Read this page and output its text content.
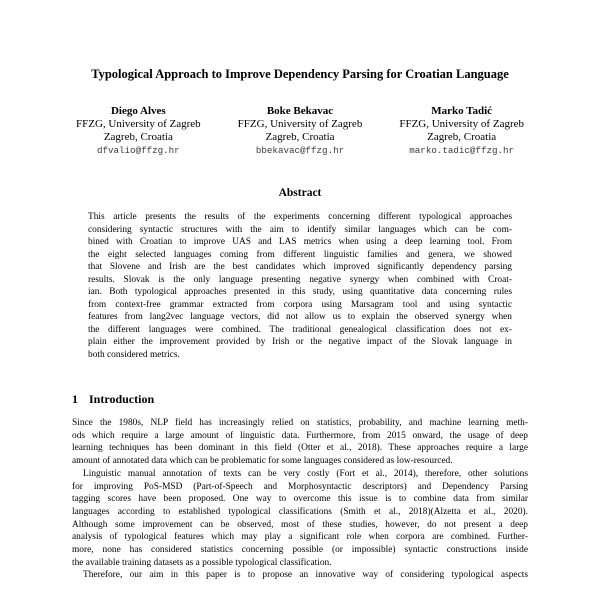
Typological Approach to Improve Dependency Parsing for Croatian Language
Diego Alves
FFZG, University of Zagreb
Zagreb, Croatia
dfvalio@ffzg.hr
Boke Bekavac
FFZG, University of Zagreb
Zagreb, Croatia
bbekavac@ffzg.hr
Marko Tadić
FFZG, University of Zagreb
Zagreb, Croatia
marko.tadic@ffzg.hr
Abstract
This article presents the results of the experiments concerning different typological approaches
considering syntactic structures with the aim to identify similar languages which can be com-
bined with Croatian to improve UAS and LAS metrics when using a deep learning tool. From
the eight selected languages coming from different linguistic families and genera, we showed
that Slovene and Irish are the best candidates which improved significantly dependency parsing
results. Slovak is the only language presenting negative synergy when combined with Croat-
ian. Both typological approaches presented in this study, using quantitative data concerning rules
from context-free grammar extracted from corpora using Marsagram tool and using syntactic
features from lang2vec language vectors, did not allow us to explain the observed synergy when
the different languages were combined. The traditional genealogical classification does not ex-
plain either the improvement provided by Irish or the negative impact of the Slovak language in
both considered metrics.
1 Introduction
Since the 1980s, NLP field has increasingly relied on statistics, probability, and machine learning meth-
ods which require a large amount of linguistic data. Furthermore, from 2015 onward, the usage of deep
learning techniques has been dominant in this field (Otter et al., 2018). These approaches require a large
amount of annotated data which can be problematic for some languages considered as low-resourced.
Linguistic manual annotation of texts can be very costly (Fort et al., 2014), therefore, other solutions
for improving PoS-MSD (Part-of-Speech and Morphosyntactic descriptors) and Dependency Parsing
tagging scores have been proposed. One way to overcome this issue is to combine data from similar
languages according to established typological classifications (Smith et al., 2018)(Alzetta et al., 2020).
Although some improvement can be observed, most of these studies, however, do not present a deep
analysis of typological features which may play a significant role when corpora are combined. Further-
more, none has considered statistics concerning possible (or impossible) syntactic constructions inside
the available training datasets as a possible typological classification.
Therefore, our aim in this paper is to propose an innovative way of considering typological aspects
